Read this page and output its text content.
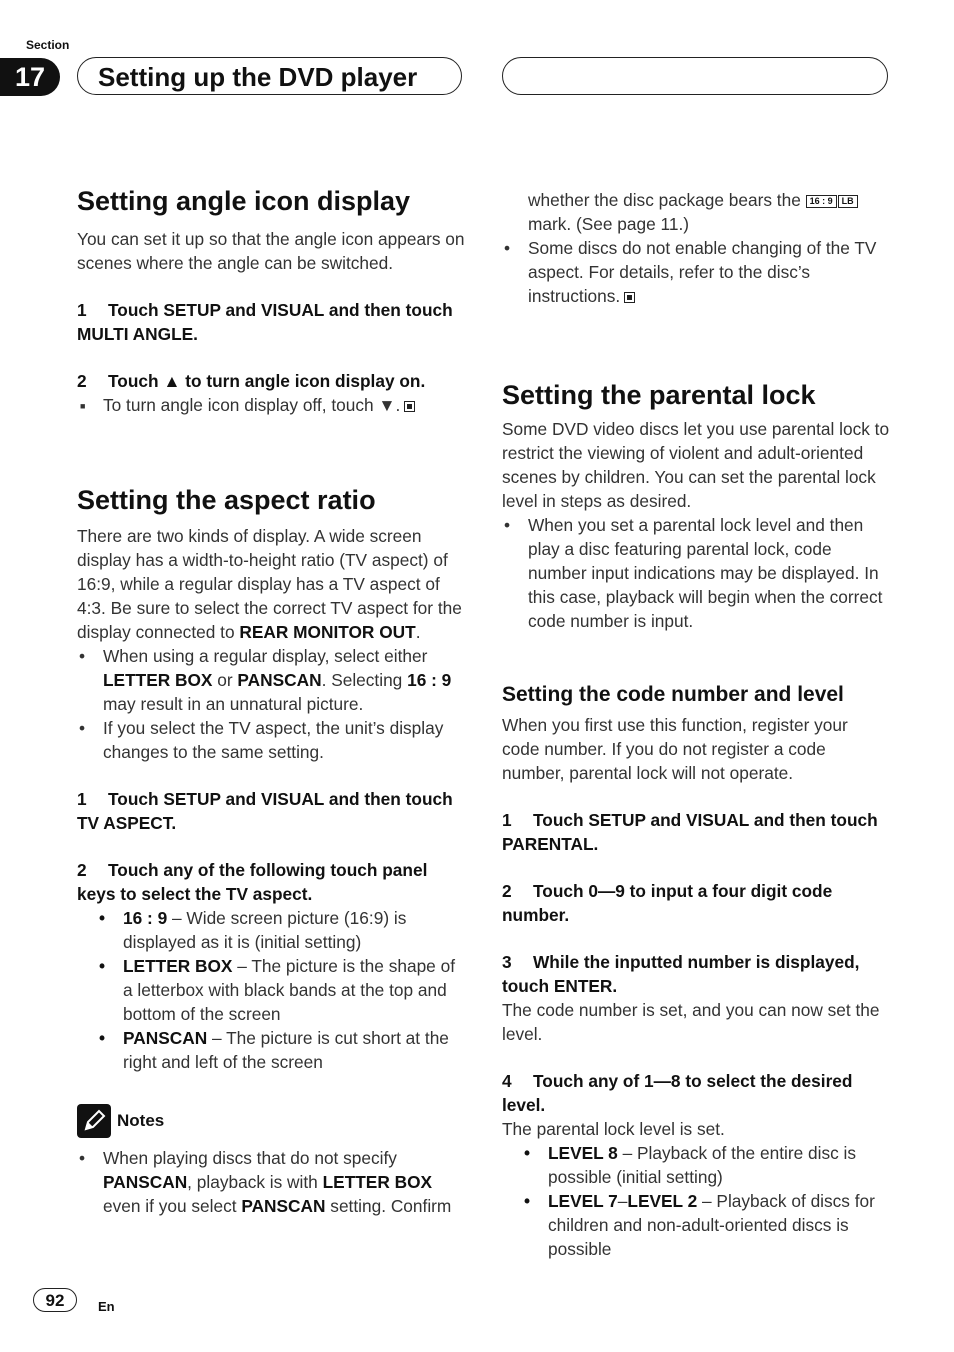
Section
17	Setting up the DVD player
Setting angle icon display

You can set it up so that the angle icon appears on scenes where the angle can be switched.

1 Touch SETUP and VISUAL and then touch MULTI ANGLE.

2 Touch ▲ to turn angle icon display on.

■ To turn angle icon display off, touch ▼.
Setting the aspect ratio

There are two kinds of display. A wide screen display has a width-to-height ratio (TV aspect) of 16:9, while a regular display has a TV aspect of 4:3. Be sure to select the correct TV aspect for the display connected to REAR MONITOR OUT.

• When using a regular display, select either LETTER BOX or PANSCAN. Selecting 16 : 9 may result in an unnatural picture.
• If you select the TV aspect, the unit’s display changes to the same setting.

1 Touch SETUP and VISUAL and then touch TV ASPECT.

2 Touch any of the following touch panel keys to select the TV aspect.

• 16 : 9 – Wide screen picture (16:9) is displayed as it is (initial setting)
• LETTER BOX – The picture is the shape of a letterbox with black bands at the top and bottom of the screen
• PANSCAN – The picture is cut short at the right and left of the screen
Notes
• When playing discs that do not specify PANSCAN, playback is with LETTER BOX even if you select PANSCAN setting. Confirm

whether the disc package bears the 16 : 9 LB
mark. (See page 11.)

• Some discs do not enable changing of the TV aspect. For details, refer to the disc’s instructions.
Setting the parental lock

Some DVD video discs let you use parental lock to restrict the viewing of violent and adult-oriented scenes by children. You can set the parental lock level in steps as desired.

• When you set a parental lock level and then play a disc featuring parental lock, code number input indications may be displayed. In this case, playback will begin when the correct code number is input.
Setting the code number and level

When you first use this function, register your code number. If you do not register a code number, parental lock will not operate.

1 Touch SETUP and VISUAL and then touch PARENTAL.

2 Touch 0—9 to input a four digit code number.

3 While the inputted number is displayed, touch ENTER.

The code number is set, and you can now set the level.

4 Touch any of 1—8 to select the desired level.

The parental lock level is set.

• LEVEL 8 – Playback of the entire disc is possible (initial setting)
• LEVEL 7–LEVEL 2 – Playback of discs for children and non-adult-oriented discs is possible
92	En
